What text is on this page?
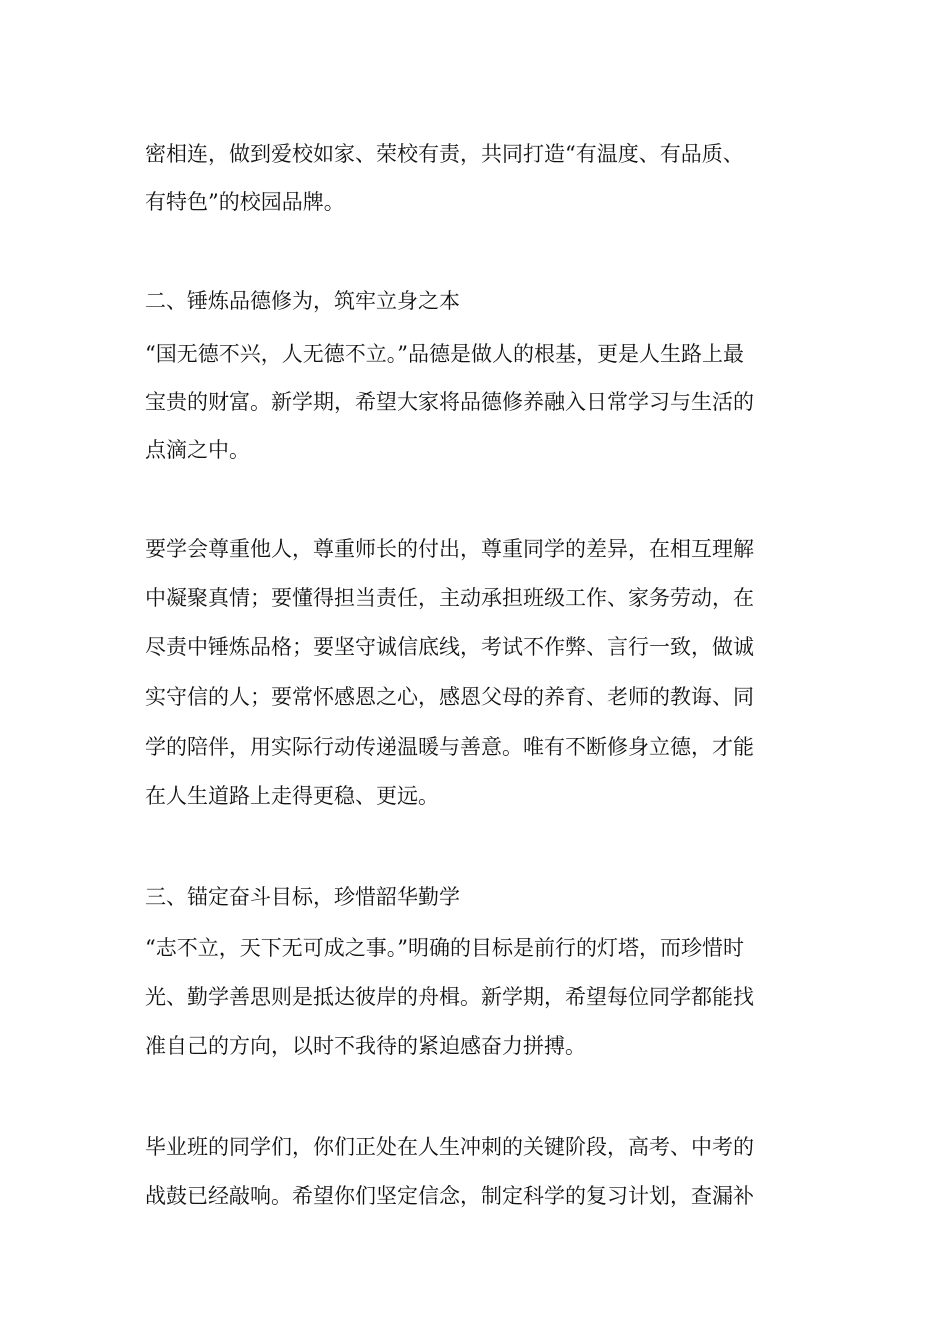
密相连，做到爱校如家、荣校有责，共同打造“有温度、有品质、
有特色”的校园品牌。
二、锤炼品德修为，筑牢立身之本
“国无德不兴，人无德不立。”品德是做人的根基，更是人生路上最
宝贵的财富。新学期，希望大家将品德修养融入日常学习与生活的
点滴之中。
要学会尊重他人，尊重师长的付出，尊重同学的差异，在相互理解
中凝聚真情；要懂得担当责任，主动承担班级工作、家务劳动，在
尽责中锤炼品格；要坚守诚信底线，考试不作弊、言行一致，做诚
实守信的人；要常怀感恩之心，感恩父母的养育、老师的教诲、同
学的陪伴，用实际行动传递温暖与善意。唯有不断修身立德，才能
在人生道路上走得更稳、更远。
三、锚定奋斗目标，珍惜韶华勤学
“志不立，天下无可成之事。”明确的目标是前行的灯塔，而珍惜时
光、勤学善思则是抵达彼岸的舟楫。新学期，希望每位同学都能找
准自己的方向，以时不我待的紧迫感奋力拼搏。
毕业班的同学们，你们正处在人生冲刺的关键阶段，高考、中考的
战鼓已经敲响。希望你们坚定信念，制定科学的复习计划，查漏补
